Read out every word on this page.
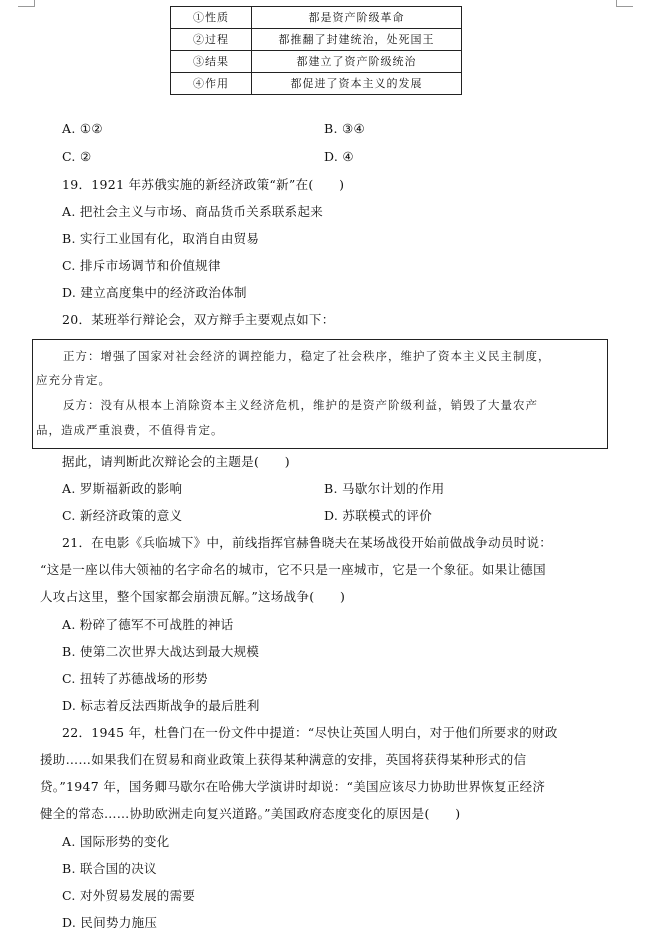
①性质	都是资产阶级革命
②过程	都推翻了封建统治，处死国王
③结果	都建立了资产阶级统治
④作用	都促进了资本主义的发展
A. ①②	B. ③④
C. ②	D. ④
19．1921 年苏俄实施的新经济政策“新”在(　　)
A. 把社会主义与市场、商品货币关系联系起来
B. 实行工业国有化，取消自由贸易
C. 排斥市场调节和价值规律
D. 建立高度集中的经济政治体制
20．某班举行辩论会，双方辩手主要观点如下：
正方：增强了国家对社会经济的调控能力，稳定了社会秩序，维护了资本主义民主制度，
应充分肯定。
反方：没有从根本上消除资本主义经济危机，维护的是资产阶级利益，销毁了大量农产
品，造成严重浪费，不值得肯定。
据此，请判断此次辩论会的主题是(　　)
A. 罗斯福新政的影响	B. 马歇尔计划的作用
C. 新经济政策的意义	D. 苏联模式的评价
21．在电影《兵临城下》中，前线指挥官赫鲁晓夫在某场战役开始前做战争动员时说：
“这是一座以伟大领袖的名字命名的城市，它不只是一座城市，它是一个象征。如果让德国
人攻占这里，整个国家都会崩溃瓦解。”这场战争(　　)
A. 粉碎了德军不可战胜的神话
B. 使第二次世界大战达到最大规模
C. 扭转了苏德战场的形势
D. 标志着反法西斯战争的最后胜利
22．1945 年，杜鲁门在一份文件中提道：“尽快让英国人明白，对于他们所要求的财政
援助……如果我们在贸易和商业政策上获得某种满意的安排，英国将获得某种形式的信
贷。”1947 年，国务卿马歇尔在哈佛大学演讲时却说：“美国应该尽力协助世界恢复正经济
健全的常态……协助欧洲走向复兴道路。”美国政府态度变化的原因是(　　)
A. 国际形势的变化
B. 联合国的决议
C. 对外贸易发展的需要
D. 民间势力施压
